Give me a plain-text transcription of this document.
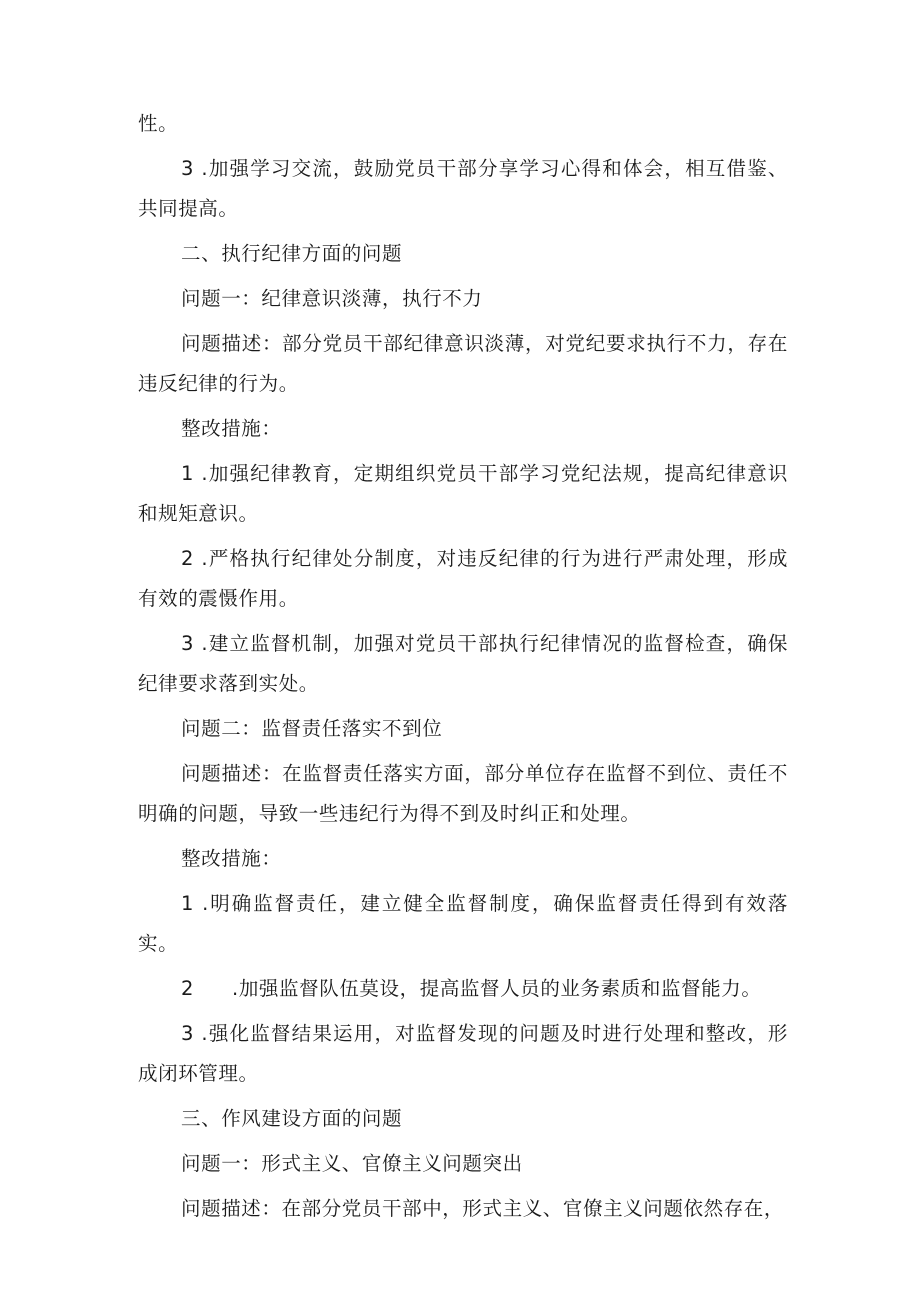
性。

3 .加强学习交流，鼓励党员干部分享学习心得和体会，相互借鉴、共同提高。

二、执行纪律方面的问题

问题一：纪律意识淡薄，执行不力

问题描述：部分党员干部纪律意识淡薄，对党纪要求执行不力，存在违反纪律的行为。

整改措施：

1 .加强纪律教育，定期组织党员干部学习党纪法规，提高纪律意识和规矩意识。

2 .严格执行纪律处分制度，对违反纪律的行为进行严肃处理，形成有效的震慑作用。

3 .建立监督机制，加强对党员干部执行纪律情况的监督检查，确保纪律要求落到实处。

问题二：监督责任落实不到位

问题描述：在监督责任落实方面，部分单位存在监督不到位、责任不明确的问题，导致一些违纪行为得不到及时纠正和处理。

整改措施：

1 .明确监督责任，建立健全监督制度，确保监督责任得到有效落实。

2 .加强监督队伍莫设，提高监督人员的业务素质和监督能力。

3 .强化监督结果运用，对监督发现的问题及时进行处理和整改，形成闭环管理。

三、作风建设方面的问题

问题一：形式主义、官僚主义问题突出

问题描述：在部分党员干部中，形式主义、官僚主义问题依然存在，
